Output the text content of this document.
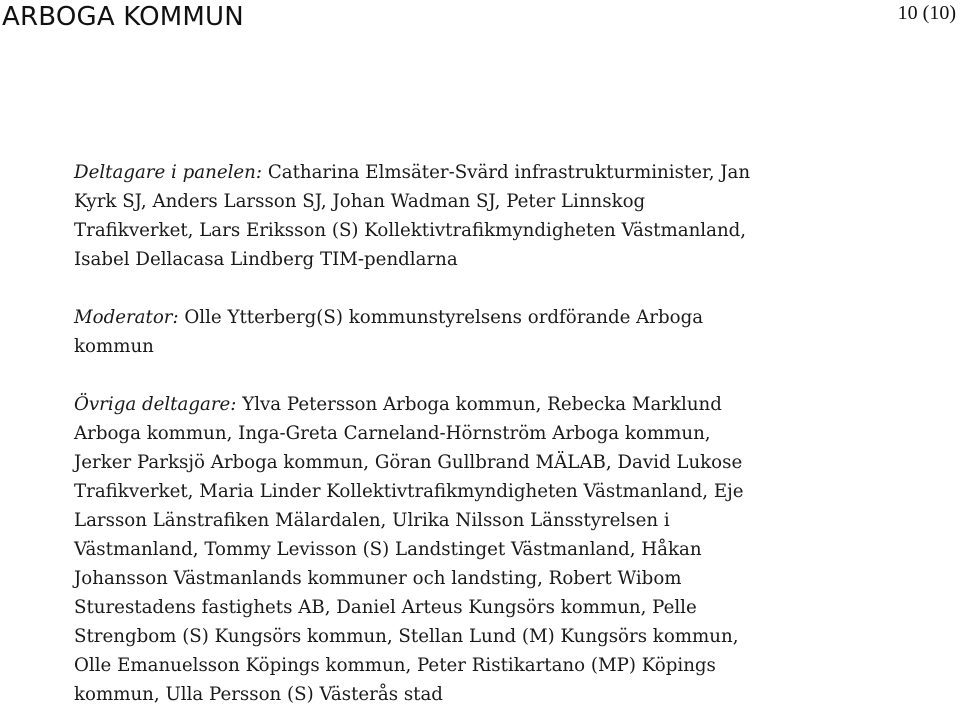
ARBOGA KOMMUN	10 (10)

Deltagare i panelen: Catharina Elmsäter-Svärd infrastrukturminister, Jan
Kyrk SJ, Anders Larsson SJ, Johan Wadman SJ, Peter Linnskog
Trafikverket, Lars Eriksson (S) Kollektivtrafikmyndigheten Västmanland,
Isabel Dellacasa Lindberg TIM-pendlarna

Moderator: Olle Ytterberg(S) kommunstyrelsens ordförande Arboga
kommun

Övriga deltagare: Ylva Petersson Arboga kommun, Rebecka Marklund
Arboga kommun, Inga-Greta Carneland-Hörnström Arboga kommun,
Jerker Parksjö Arboga kommun, Göran Gullbrand MÄLAB, David Lukose
Trafikverket, Maria Linder Kollektivtrafikmyndigheten Västmanland, Eje
Larsson Länstrafiken Mälardalen, Ulrika Nilsson Länsstyrelsen i
Västmanland, Tommy Levisson (S) Landstinget Västmanland, Håkan
Johansson Västmanlands kommuner och landsting, Robert Wibom
Sturestadens fastighets AB, Daniel Arteus Kungsörs kommun, Pelle
Strengbom (S) Kungsörs kommun, Stellan Lund (M) Kungsörs kommun,
Olle Emanuelsson Köpings kommun, Peter Ristikartano (MP) Köpings
kommun, Ulla Persson (S) Västerås stad
